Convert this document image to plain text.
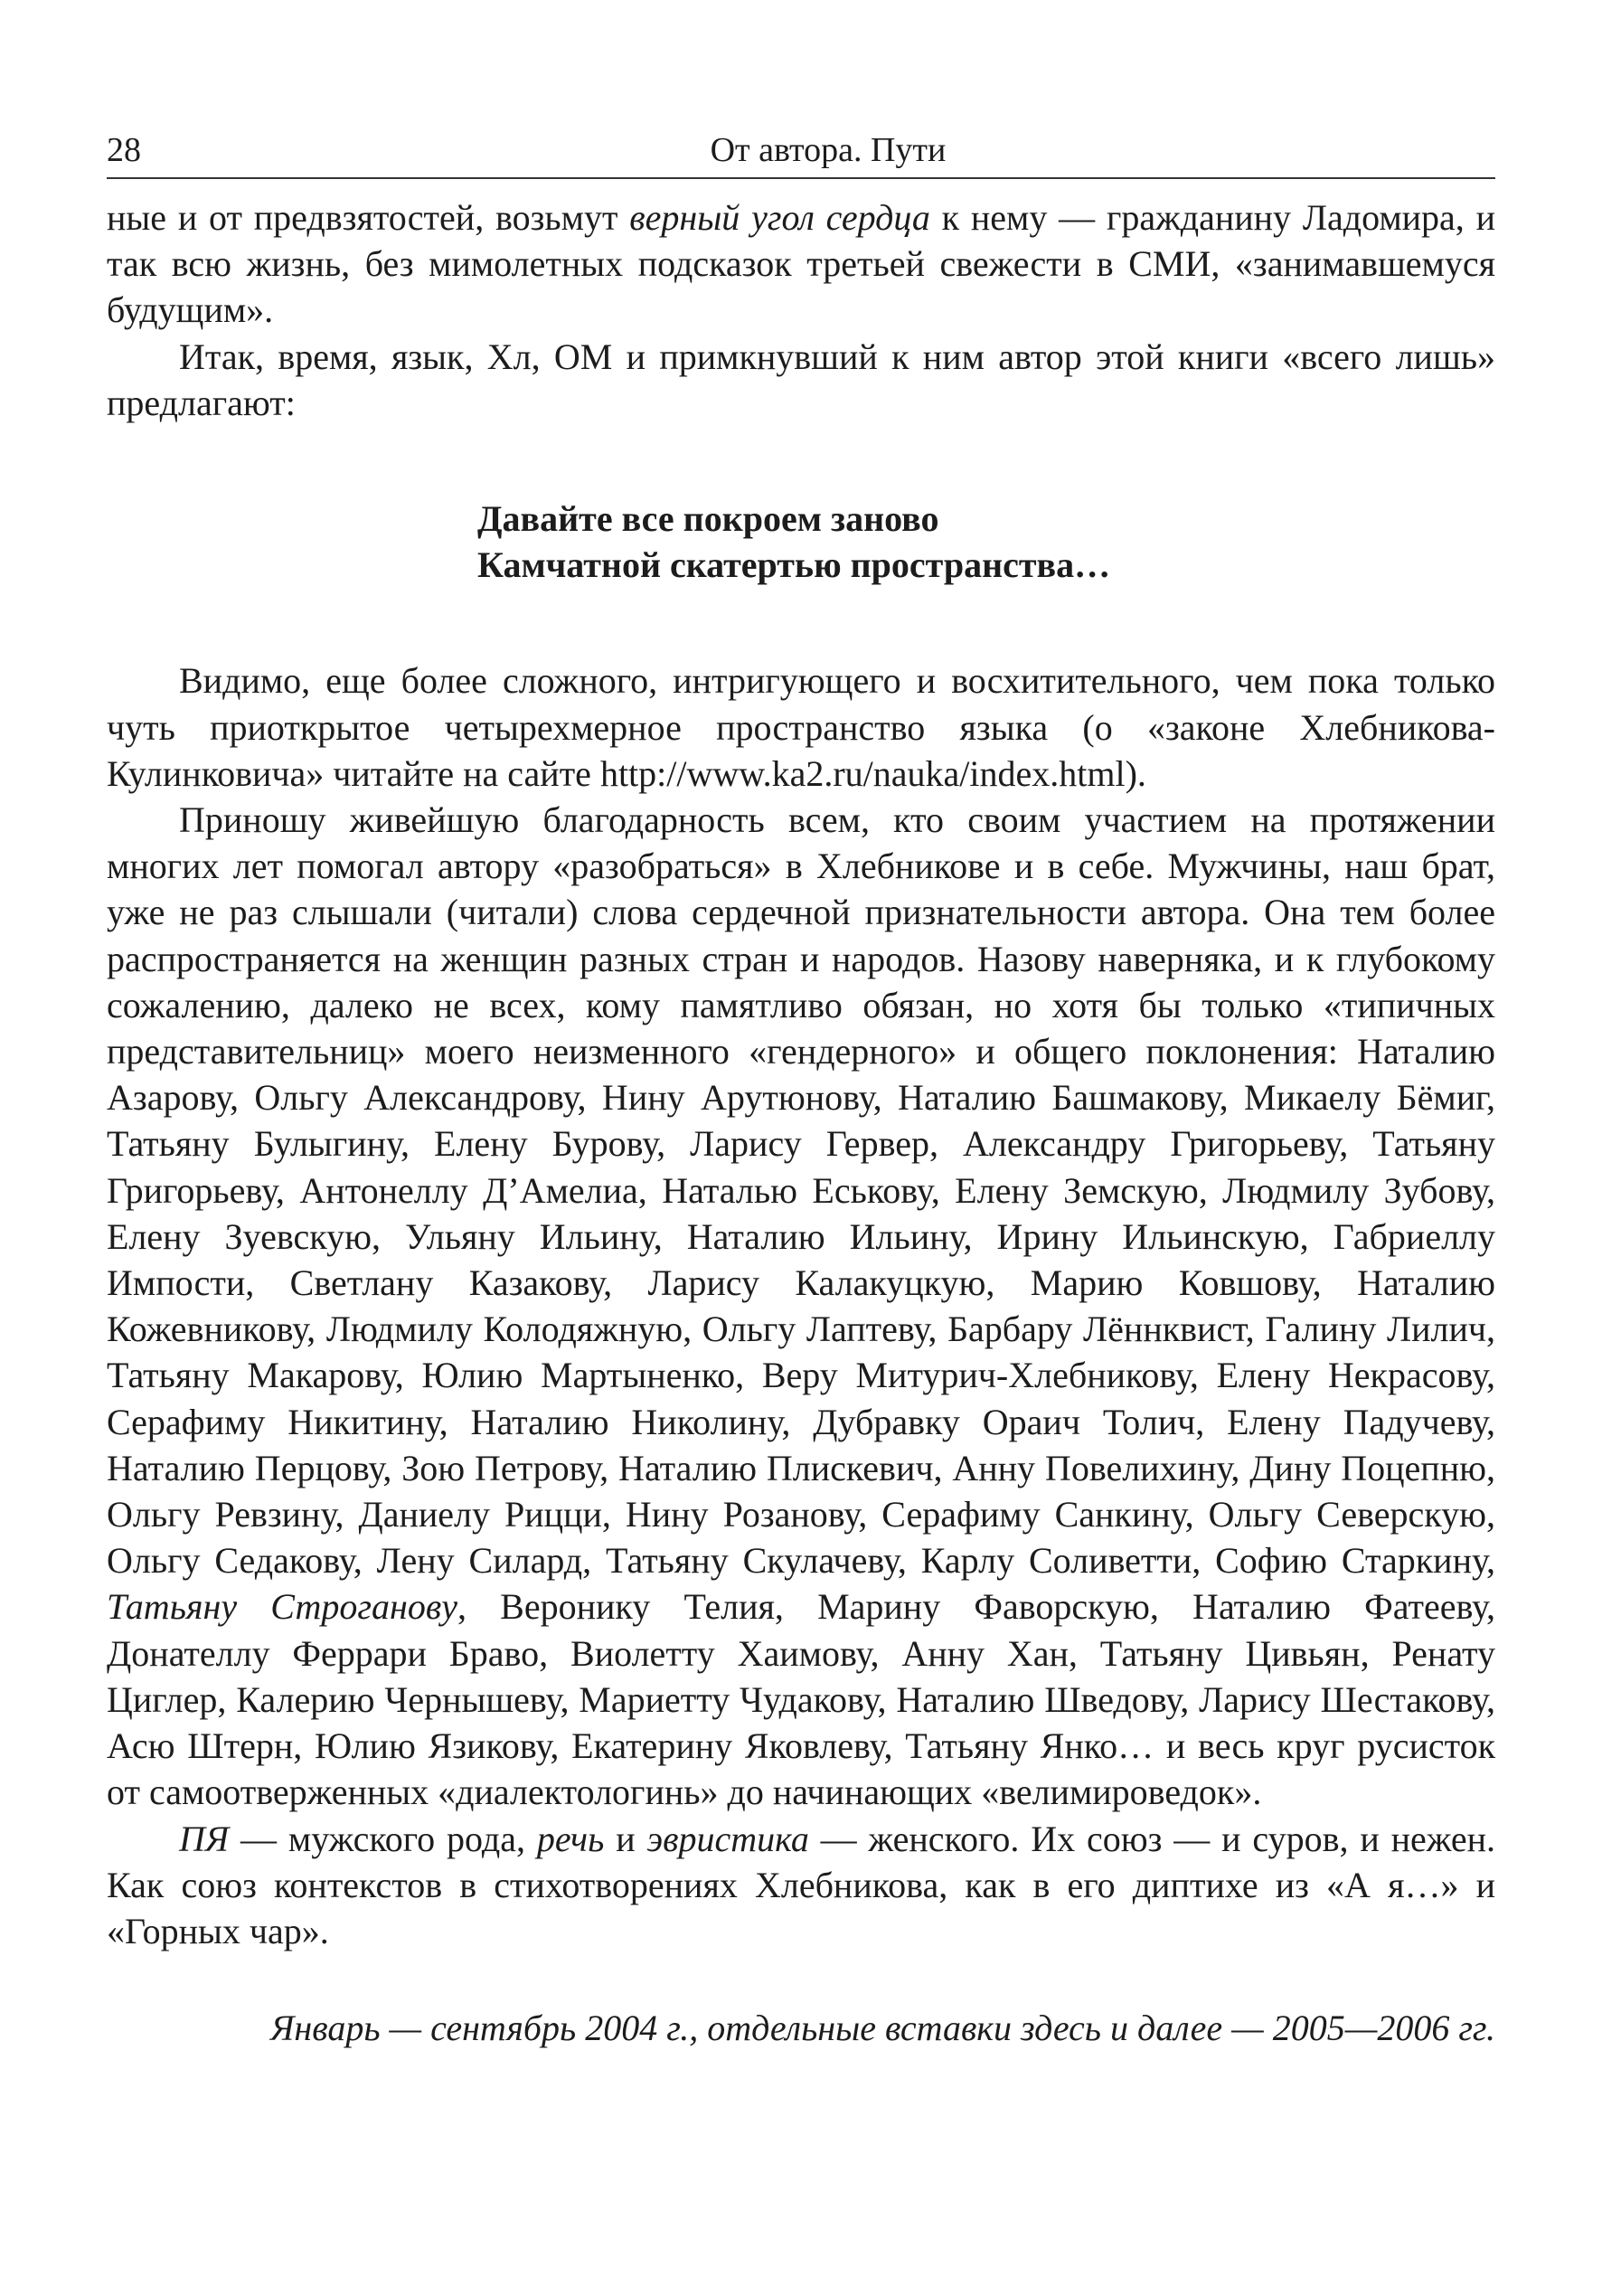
28	От автора. Пути

ные и от предвзятостей, возьмут верный угол сердца к нему — гражданину Ладомира, и так всю жизнь, без мимолетных подсказок третьей свежести в СМИ, «занимавшемуся будущим».

Итак, время, язык, Хл, ОМ и примкнувший к ним автор этой книги «всего лишь» предлагают:

Давайте все покроем заново
Камчатной скатертью пространства…

Видимо, еще более сложного, интригующего и восхитительного, чем пока только чуть приоткрытое четырехмерное пространство языка (о «законе Хлебникова-Кулинковича» читайте на сайте http://www.ka2.ru/nauka/index.html).

Приношу живейшую благодарность всем, кто своим участием на протяжении многих лет помогал автору «разобраться» в Хлебникове и в себе. Мужчины, наш брат, уже не раз слышали (читали) слова сердечной признательности автора. Она тем более распространяется на женщин разных стран и народов. Назову наверняка, и к глубокому сожалению, далеко не всех, кому памятливо обязан, но хотя бы только «типичных представительниц» моего неизменного «гендерного» и общего поклонения: Наталию Азарову, Ольгу Александрову, Нину Арутюнову, Наталию Башмакову, Микаелу Бёмиг, Татьяну Булыгину, Елену Бурову, Ларису Гервер, Александру Григорьеву, Татьяну Григорьеву, Антонеллу Д’Амелиа, Наталью Еськову, Елену Земскую, Людмилу Зубову, Елену Зуевскую, Ульяну Ильину, Наталию Ильину, Ирину Ильинскую, Габриеллу Импости, Светлану Казакову, Ларису Калакуцкую, Марию Ковшову, Наталию Кожевникову, Людмилу Колодяжную, Ольгу Лаптеву, Барбару Лённквист, Галину Лилич, Татьяну Макарову, Юлию Мартыненко, Веру Митурич-Хлебникову, Елену Некрасову, Серафиму Никитину, Наталию Николину, Дубравку Ораич Толич, Елену Падучеву, Наталию Перцову, Зою Петрову, Наталию Плискевич, Анну Повелихину, Дину Поцепню, Ольгу Ревзину, Даниелу Рицци, Нину Розанову, Серафиму Санкину, Ольгу Северскую, Ольгу Седакову, Лену Силард, Татьяну Скулачеву, Карлу Соливетти, Софию Старкину, Татьяну Строганову, Веронику Телия, Марину Фаворскую, Наталию Фатееву, Донателлу Феррари Браво, Виолетту Хаимову, Анну Хан, Татьяну Цивьян, Ренату Циглер, Калерию Чернышеву, Мариетту Чудакову, Наталию Шведову, Ларису Шестакову, Асю Штерн, Юлию Язикову, Екатерину Яковлеву, Татьяну Янко… и весь круг русисток от самоотверженных «диалектологинь» до начинающих «велимироведок».

ПЯ — мужского рода, речь и эвристика — женского. Их союз — и суров, и нежен. Как союз контекстов в стихотворениях Хлебникова, как в его диптихе из «А я…» и «Горных чар».

Январь — сентябрь 2004 г., отдельные вставки здесь и далее — 2005—2006 гг.
